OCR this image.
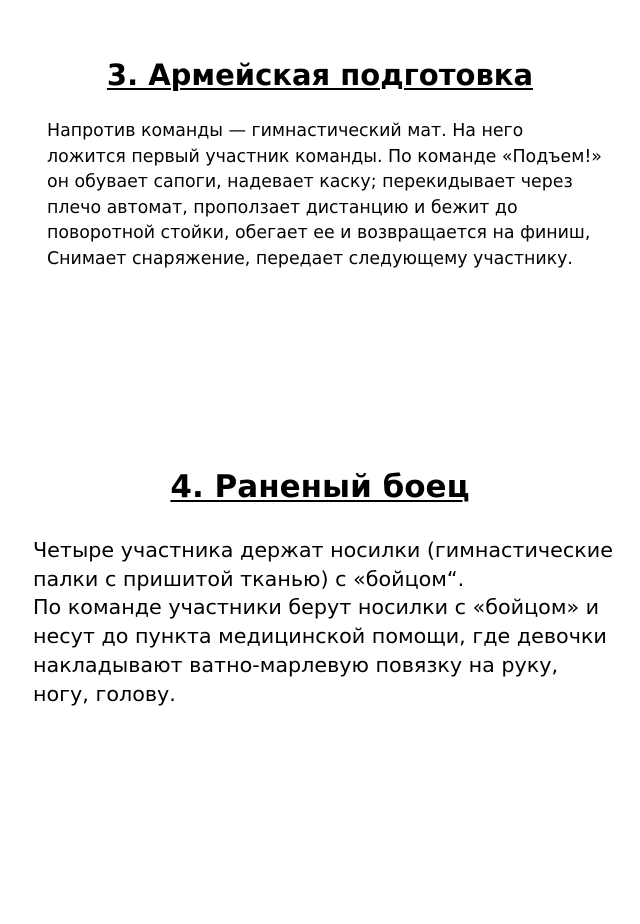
3. Армейская подготовка

Напротив команды — гимнастический мат. На него ложится первый участник команды. По команде «Подъем!» он обувает сапоги, надевает каску; перекидывает через плечо автомат, проползает дистанцию и бежит до поворотной стойки, обегает ее и возвращается на финиш, Снимает снаряжение, передает следующему участнику.

4. Раненый боец
Четыре участника держат носилки (гимнастические палки с пришитой тканью) с «бойцом“.
По команде участники берут носилки с «бойцом» и несут до пункта медицинской помощи, где девочки накладывают ватно-марлевую повязку на руку, ногу, голову.
